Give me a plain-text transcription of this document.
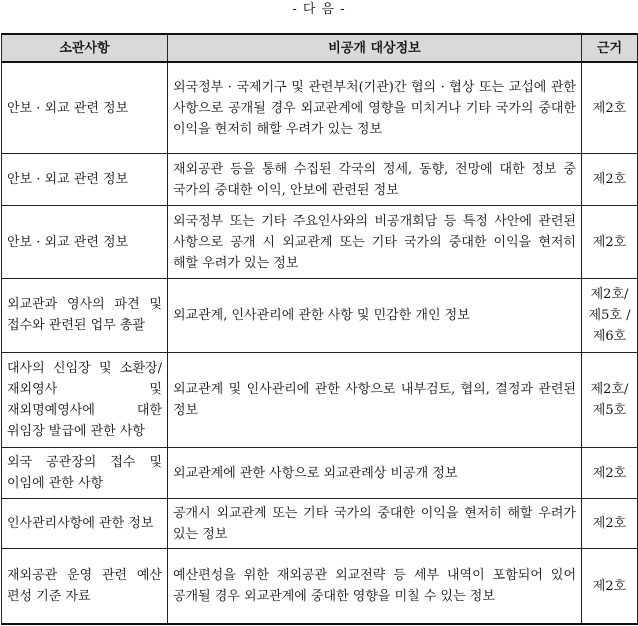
- 다 음 -
소관사항	비공개 대상정보	근거
안보 · 외교 관련 정보	외국정부 · 국제기구 및 관련부처(기관)간 협의 · 협상 또는 교섭에 관한 사항으로 공개될 경우 외교관계에 영향을 미치거나 기타 국가의 중대한 이익을 현저히 해할 우려가 있는 정보	제2호
안보 · 외교 관련 정보	재외공관 등을 통해 수집된 각국의 정세, 동향, 전망에 대한 정보 중 국가의 중대한 이익, 안보에 관련된 정보	제2호
안보 · 외교 관련 정보	외국정부 또는 기타 주요인사와의 비공개회담 등 특정 사안에 관련된 사항으로 공개 시 외교관계 또는 기타 국가의 중대한 이익을 현저히 해할 우려가 있는 정보	제2호
외교관과 영사의 파견 및 접수와 관련된 업무 총괄	외교관계, 인사관리에 관한 사항 및 민감한 개인 정보	제2호/ 제5호 /제6호
대사의 신임장 및 소환장/ 재외영사 및 재외명예영사에 대한 위임장 발급에 관한 사항	외교관계 및 인사관리에 관한 사항으로 내부검토, 협의, 결정과 관련된 정보	제2호/ 제5호
외국 공관장의 접수 및 이임에 관한 사항	외교관계에 관한 사항으로 외교관례상 비공개 정보	제2호
인사관리사항에 관한 정보	공개시 외교관계 또는 기타 국가의 중대한 이익을 현저히 해할 우려가 있는 정보	제2호
재외공관 운영 관련 예산 편성 기준 자료	예산편성을 위한 재외공관 외교전략 등 세부 내역이 포함되어 있어 공개될 경우 외교관계에 중대한 영향을 미칠 수 있는 정보	제2호
